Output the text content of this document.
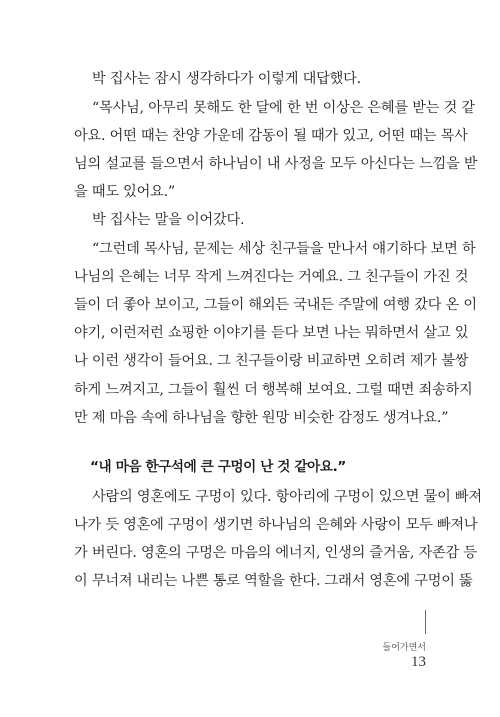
박 집사는 잠시 생각하다가 이렇게 대답했다.
“목사님, 아무리 못해도 한 달에 한 번 이상은 은혜를 받는 것 같
아요. 어떤 때는 찬양 가운데 감동이 될 때가 있고, 어떤 때는 목사
님의 설교를 들으면서 하나님이 내 사정을 모두 아신다는 느낌을 받
을 때도 있어요.”
박 집사는 말을 이어갔다.
“그런데 목사님, 문제는 세상 친구들을 만나서 얘기하다 보면 하
나님의 은혜는 너무 작게 느껴진다는 거예요. 그 친구들이 가진 것
들이 더 좋아 보이고, 그들이 해외든 국내든 주말에 여행 갔다 온 이
야기, 이런저런 쇼핑한 이야기를 듣다 보면 나는 뭐하면서 살고 있
나 이런 생각이 들어요. 그 친구들이랑 비교하면 오히려 제가 불쌍
하게 느껴지고, 그들이 훨씬 더 행복해 보여요. 그럴 때면 죄송하지
만 제 마음 속에 하나님을 향한 원망 비슷한 감정도 생겨나요.”
“내 마음 한구석에 큰 구멍이 난 것 같아요.”
사람의 영혼에도 구멍이 있다. 항아리에 구멍이 있으면 물이 빠져
나가 듯 영혼에 구멍이 생기면 하나님의 은혜와 사랑이 모두 빠져나
가 버린다. 영혼의 구멍은 마음의 에너지, 인생의 즐거움, 자존감 등
이 무너져 내리는 나쁜 통로 역할을 한다. 그래서 영혼에 구멍이 뚫
들어가면서
13
